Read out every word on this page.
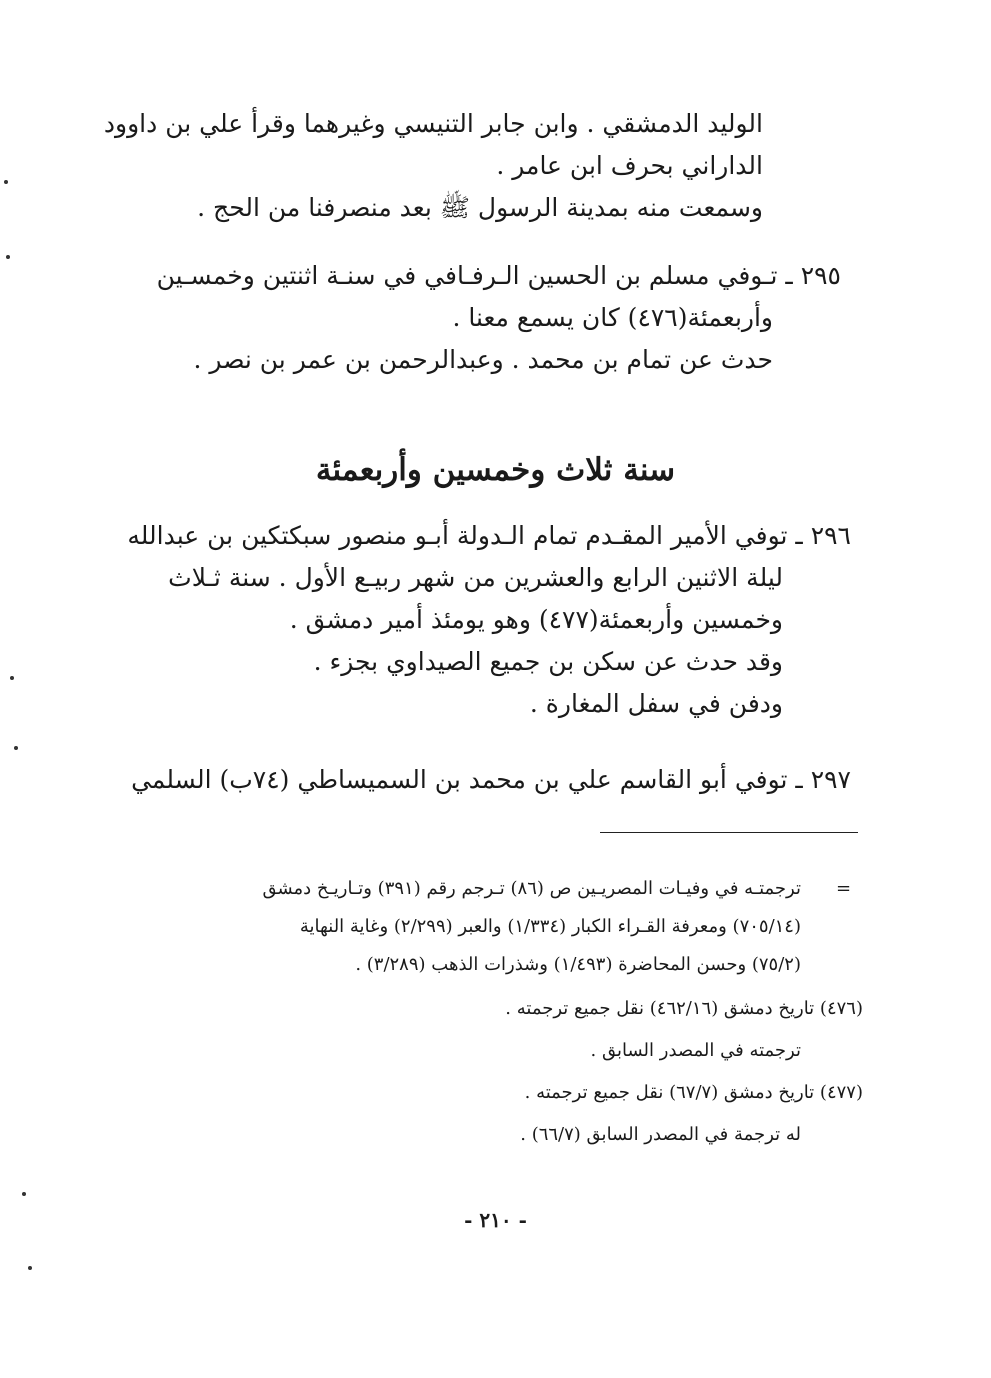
الوليد الدمشقي . وابن جابر التنيسي وغيرهما وقرأ علي بن داوود
الداراني بحرف ابن عامر .
وسمعت منه بمدينة الرسول ﷺ بعد منصرفنا من الحج .
٢٩٥ ـ تـوفي مسلم بن الحسين الـرفـافي في سنـة اثنتين وخمسـين
وأربعمئة(٤٧٦) كان يسمع معنا .
حدث عن تمام بن محمد . وعبدالرحمن بن عمر بن نصر .
سنة ثلاث وخمسين وأربعمئة
٢٩٦ ـ توفي الأمير المقـدم تمام الـدولة أبـو منصور سبكتكين بن عبدالله
ليلة الاثنين الرابع والعشرين من شهر ربيـع الأول . سنة ثـلاث
وخمسين وأربعمئة(٤٧٧) وهو يومئذ أمير دمشق .
وقد حدث عن سكن بن جميع الصيداوي بجزء .
ودفن في سفل المغارة .
٢٩٧ ـ توفي أبو القاسم علي بن محمد بن السميساطي (٧٤ب) السلمي
=
ترجمتـه في وفيـات المصريـين ص (٨٦) تـرجم رقم (٣٩١) وتـاريـخ دمشق
(٧٠٥/١٤) ومعرفة القـراء الكبار (١/٣٣٤) والعبر (٢/٢٩٩) وغاية النهاية
(٧٥/٢) وحسن المحاضرة (١/٤٩٣) وشذرات الذهب (٣/٢٨٩) .
(٤٧٦) تاريخ دمشق (٤٦٢/١٦) نقل جميع ترجمته .
ترجمته في المصدر السابق .
(٤٧٧) تاريخ دمشق (٦٧/٧) نقل جميع ترجمته .
له ترجمة في المصدر السابق (٦٦/٧) .
- ٢١٠ -
